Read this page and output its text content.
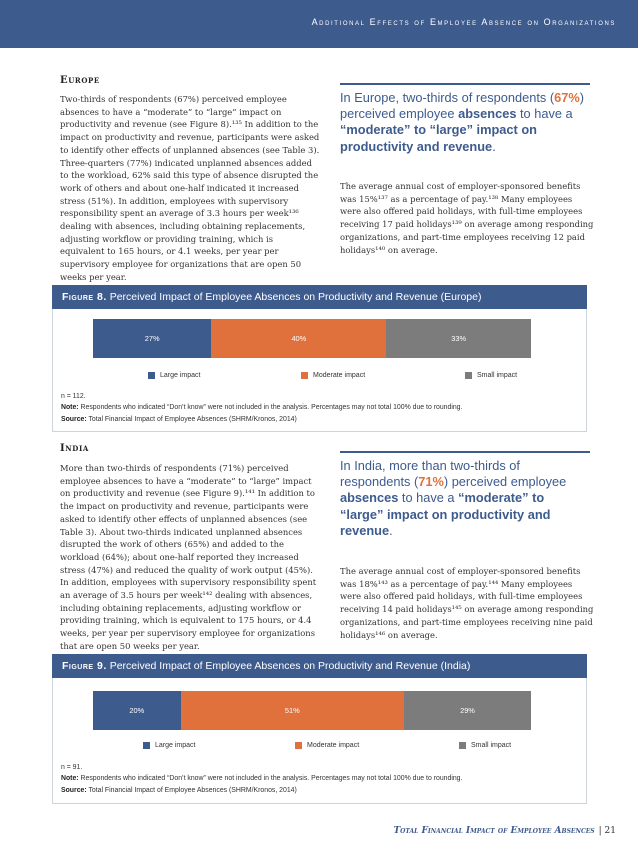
Additional Effects of Employee Absence on Organizations
Europe

Two-thirds of respondents (67%) perceived employee absences to have a “moderate” to “large” impact on productivity and revenue (see Figure 8).¹³⁵ In addition to the impact on productivity and revenue, participants were asked to identify other effects of unplanned absences (see Table 3). Three-quarters (77%) indicated unplanned absences added to the workload, 62% said this type of absence disrupted the work of others and about one-half indicated it increased stress (51%). In addition, employees with supervisory responsibility spent an average of 3.3 hours per week¹³⁶ dealing with absences, including obtaining replacements, adjusting workflow or providing training, which is equivalent to 165 hours, or 4.1 weeks, per year per supervisory employee for organizations that are open 50 weeks per year.

In Europe, two-thirds of respondents (67%) perceived employee absences to have a “moderate” to “large” impact on productivity and revenue.

The average annual cost of employer-sponsored benefits was 15%¹³⁷ as a percentage of pay.¹³⁸ Many employees were also offered paid holidays, with full-time employees receiving 17 paid holidays¹³⁹ on average among responding organizations, and part-time employees receiving 12 paid holidays¹⁴⁰ on average.

Figure 8. Perceived Impact of Employee Absences on Productivity and Revenue (Europe)
27%	40%	33%
Large impact	Moderate impact	Small impact
n = 112.
Note: Respondents who indicated “Don’t know” were not included in the analysis. Percentages may not total 100% due to rounding.
Source: Total Financial Impact of Employee Absences (SHRM/Kronos, 2014)
India

More than two-thirds of respondents (71%) perceived employee absences to have a “moderate” to “large” impact on productivity and revenue (see Figure 9).¹⁴¹ In addition to the impact on productivity and revenue, participants were asked to identify other effects of unplanned absences (see Table 3). About two-thirds indicated unplanned absences disrupted the work of others (65%) and added to the workload (64%); about one-half reported they increased stress (47%) and reduced the quality of work output (45%). In addition, employees with supervisory responsibility spent an average of 3.5 hours per week¹⁴² dealing with absences, including obtaining replacements, adjusting workflow or providing training, which is equivalent to 175 hours, or 4.4 weeks, per year per supervisory employee for organizations that are open 50 weeks per year.

In India, more than two-thirds of respondents (71%) perceived employee absences to have a “moderate” to “large” impact on productivity and revenue.

The average annual cost of employer-sponsored benefits was 18%¹⁴³ as a percentage of pay.¹⁴⁴ Many employees were also offered paid holidays, with full-time employees receiving 14 paid holidays¹⁴⁵ on average among responding organizations, and part-time employees receiving nine paid holidays¹⁴⁶ on average.

Figure 9. Perceived Impact of Employee Absences on Productivity and Revenue (India)
20%	51%	29%
Large impact	Moderate impact	Small impact
n = 91.
Note: Respondents who indicated “Don’t know” were not included in the analysis. Percentages may not total 100% due to rounding.
Source: Total Financial Impact of Employee Absences (SHRM/Kronos, 2014)
Total Financial Impact of Employee Absences | 21
